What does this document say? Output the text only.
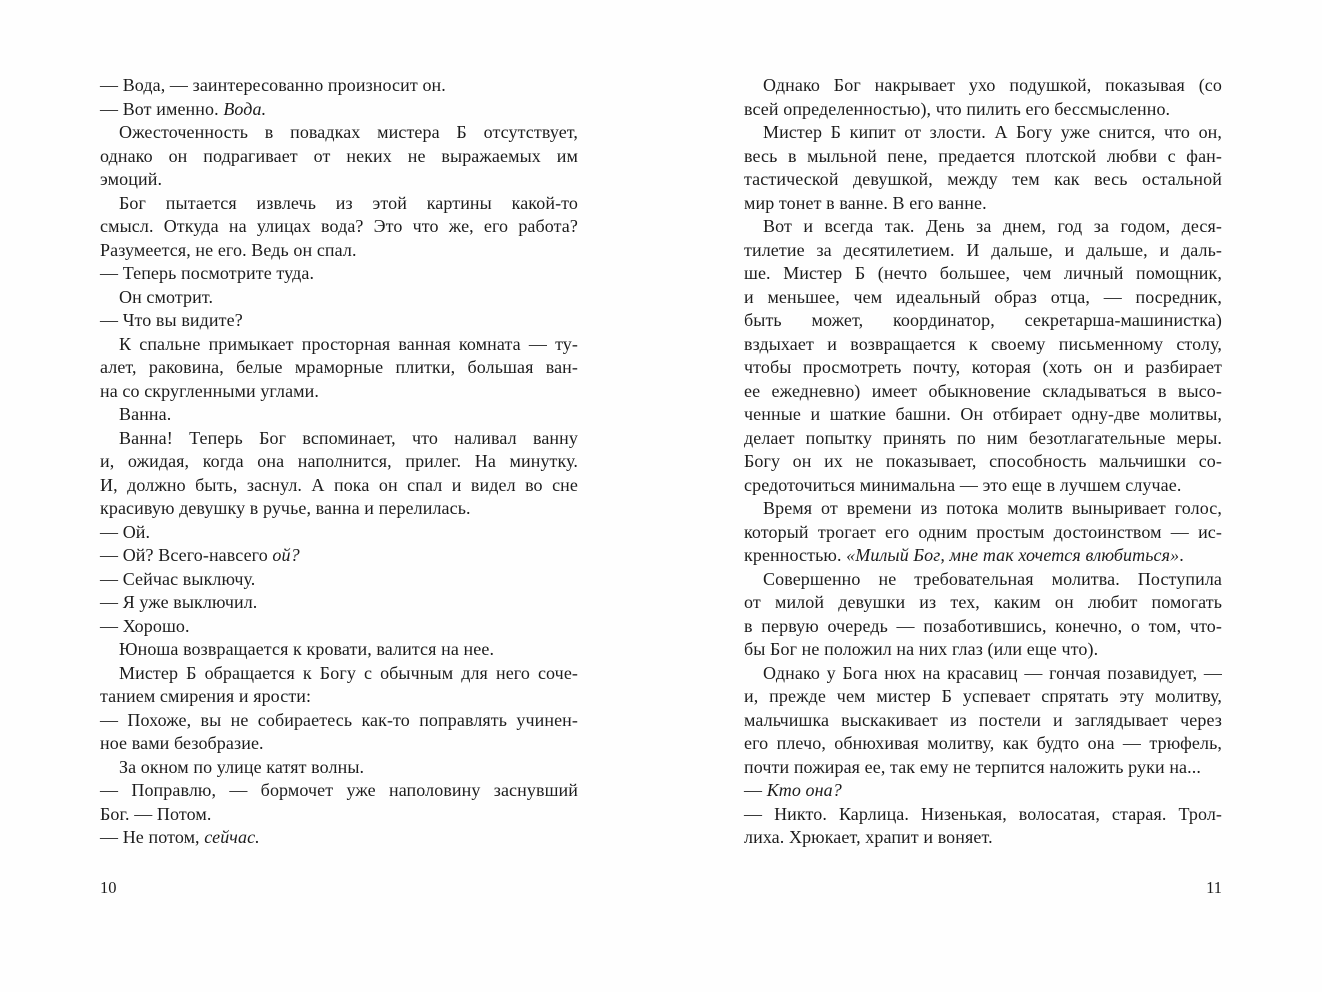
— Вода, — заинтересованно произносит он.
— Вот именно. Вода.
Ожесточенность в повадках мистера Б отсутствует,
однако он подрагивает от неких не выражаемых им
эмоций.
Бог пытается извлечь из этой картины какой-то
смысл. Откуда на улицах вода? Это что же, его работа?
Разумеется, не его. Ведь он спал.
— Теперь посмотрите туда.
Он смотрит.
— Что вы видите?
К спальне примыкает просторная ванная комната — ту-
алет, раковина, белые мраморные плитки, большая ван-
на со скругленными углами.
Ванна.
Ванна! Теперь Бог вспоминает, что наливал ванну
и, ожидая, когда она наполнится, прилег. На минутку.
И, должно быть, заснул. А пока он спал и видел во сне
красивую девушку в ручье, ванна и перелилась.
— Ой.
— Ой? Всего-навсего ой?
— Сейчас выключу.
— Я уже выключил.
— Хорошо.
Юноша возвращается к кровати, валится на нее.
Мистер Б обращается к Богу с обычным для него соче-
танием смирения и ярости:
— Похоже, вы не собираетесь как-то поправлять учинен-
ное вами безобразие.
За окном по улице катят волны.
— Поправлю, — бормочет уже наполовину заснувший
Бог. — Потом.
— Не потом, сейчас.
Однако Бог накрывает ухо подушкой, показывая (со
всей определенностью), что пилить его бессмысленно.
Мистер Б кипит от злости. А Богу уже снится, что он,
весь в мыльной пене, предается плотской любви с фан-
тастической девушкой, между тем как весь остальной
мир тонет в ванне. В его ванне.
Вот и всегда так. День за днем, год за годом, деся-
тилетие за десятилетием. И дальше, и дальше, и даль-
ше. Мистер Б (нечто большее, чем личный помощник,
и меньшее, чем идеальный образ отца, — посредник,
быть может, координатор, секретарша-машинистка)
вздыхает и возвращается к своему письменному столу,
чтобы просмотреть почту, которая (хоть он и разбирает
ее ежедневно) имеет обыкновение складываться в высо-
ченные и шаткие башни. Он отбирает одну-две молитвы,
делает попытку принять по ним безотлагательные меры.
Богу он их не показывает, способность мальчишки со-
средоточиться минимальна — это еще в лучшем случае.
Время от времени из потока молитв выныривает голос,
который трогает его одним простым достоинством — ис-
кренностью. «Милый Бог, мне так хочется влюбиться».
Совершенно не требовательная молитва. Поступила
от милой девушки из тех, каким он любит помогать
в первую очередь — позаботившись, конечно, о том, что-
бы Бог не положил на них глаз (или еще что).
Однако у Бога нюх на красавиц — гончая позавидует, —
и, прежде чем мистер Б успевает спрятать эту молитву,
мальчишка выскакивает из постели и заглядывает через
его плечо, обнюхивая молитву, как будто она — трюфель,
почти пожирая ее, так ему не терпится наложить руки на...
— Кто она?
— Никто. Карлица. Низенькая, волосатая, старая. Трол-
лиха. Хрюкает, храпит и воняет.
10	11
